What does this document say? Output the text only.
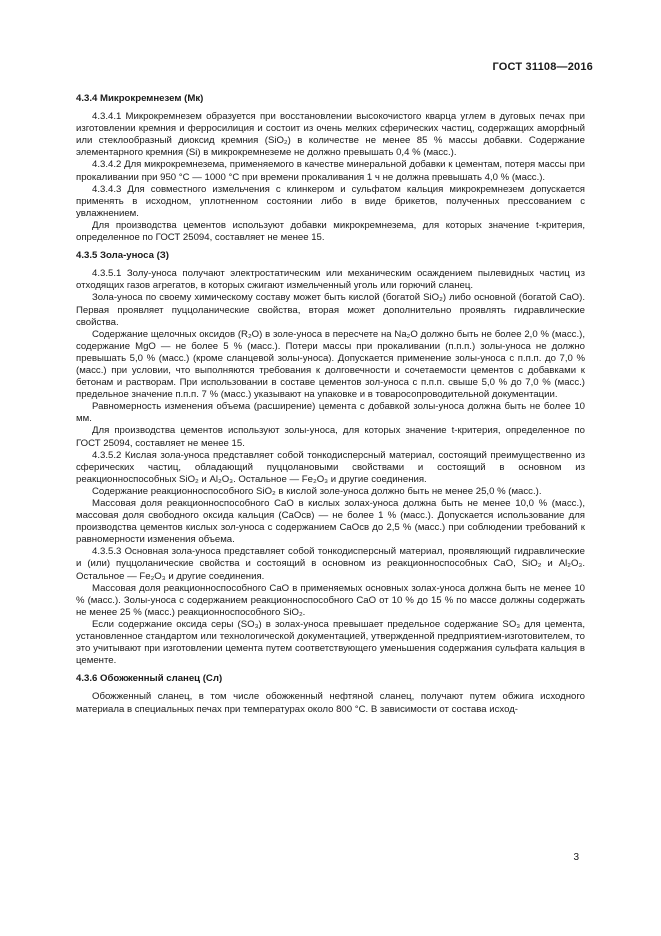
ГОСТ 31108—2016
4.3.4 Микрокремнезем (Мк)

4.3.4.1 Микрокремнезем образуется при восстановлении высокочистого кварца углем в дуговых печах при изготовлении кремния и ферросилиция и состоит из очень мелких сферических частиц, содержащих аморфный или стеклообразный диоксид кремния (SiO₂) в количестве не менее 85 % массы добавки. Содержание элементарного кремния (Si) в микрокремнеземе не должно превышать 0,4 % (масс.).

4.3.4.2 Для микрокремнезема, применяемого в качестве минеральной добавки к цементам, потеря массы при прокаливании при 950 °С — 1000 °С при времени прокаливания 1 ч не должна превышать 4,0 % (масс.).

4.3.4.3 Для совместного измельчения с клинкером и сульфатом кальция микрокремнезем допускается применять в исходном, уплотненном состоянии либо в виде брикетов, полученных прессованием с увлажнением.

Для производства цементов используют добавки микрокремнезема, для которых значение t-критерия, определенное по ГОСТ 25094, составляет не менее 15.

4.3.5 Зола-уноса (З)

4.3.5.1 Золу-уноса получают электростатическим или механическим осаждением пылевидных частиц из отходящих газов агрегатов, в которых сжигают измельченный уголь или горючий сланец.

Зола-уноса по своему химическому составу может быть кислой (богатой SiO₂) либо основной (богатой CaO). Первая проявляет пуццоланические свойства, вторая может дополнительно проявлять гидравлические свойства.

Содержание щелочных оксидов (R₂O) в золе-уноса в пересчете на Na₂O должно быть не более 2,0 % (масс.), содержание MgO — не более 5 % (масс.). Потери массы при прокаливании (п.п.п.) золы-уноса не должно превышать 5,0 % (масс.) (кроме сланцевой золы-уноса). Допускается применение золы-уноса с п.п.п. до 7,0 % (масс.) при условии, что выполняются требования к долговечности и сочетаемости цементов с добавками к бетонам и растворам. При использовании в составе цементов зол-уноса с п.п.п. свыше 5,0 % до 7,0 % (масс.) предельное значение п.п.п. 7 % (масс.) указывают на упаковке и в товаросопроводительной документации.

Равномерность изменения объема (расширение) цемента с добавкой золы-уноса должна быть не более 10 мм.

Для производства цементов используют золы-уноса, для которых значение t-критерия, определенное по ГОСТ 25094, составляет не менее 15.

4.3.5.2 Кислая зола-уноса представляет собой тонкодисперсный материал, состоящий преимущественно из сферических частиц, обладающий пуццолановыми свойствами и состоящий в основном из реакционноспособных SiO₂ и Al₂O₃. Остальное — Fe₂O₃ и другие соединения.

Содержание реакционноспособного SiO₂ в кислой золе-уноса должно быть не менее 25,0 % (масс.).

Массовая доля реакционноспособного CaO в кислых золах-уноса должна быть не менее 10,0 % (масс.), массовая доля свободного оксида кальция (CaOсв) — не более 1 % (масс.). Допускается использование для производства цементов кислых зол-уноса с содержанием CaOсв до 2,5 % (масс.) при соблюдении требований к равномерности изменения объема.

4.3.5.3 Основная зола-уноса представляет собой тонкодисперсный материал, проявляющий гидравлические и (или) пуццоланические свойства и состоящий в основном из реакционноспособных CaO, SiO₂ и Al₂O₃. Остальное — Fe₂O₃ и другие соединения.

Массовая доля реакционноспособного CaO в применяемых основных золах-уноса должна быть не менее 10 % (масс.). Золы-уноса с содержанием реакционноспособного CaO от 10 % до 15 % по массе должны содержать не менее 25 % (масс.) реакционноспособного SiO₂.

Если содержание оксида серы (SO₃) в золах-уноса превышает предельное содержание SO₃ для цемента, установленное стандартом или технологической документацией, утвержденной предприятием-изготовителем, то это учитывают при изготовлении цемента путем соответствующего уменьшения содержания сульфата кальция в цементе.

4.3.6 Обожженный сланец (Сл)

Обожженный сланец, в том числе обожженный нефтяной сланец, получают путем обжига исходного материала в специальных печах при температурах около 800 °С. В зависимости от состава исход-

3
